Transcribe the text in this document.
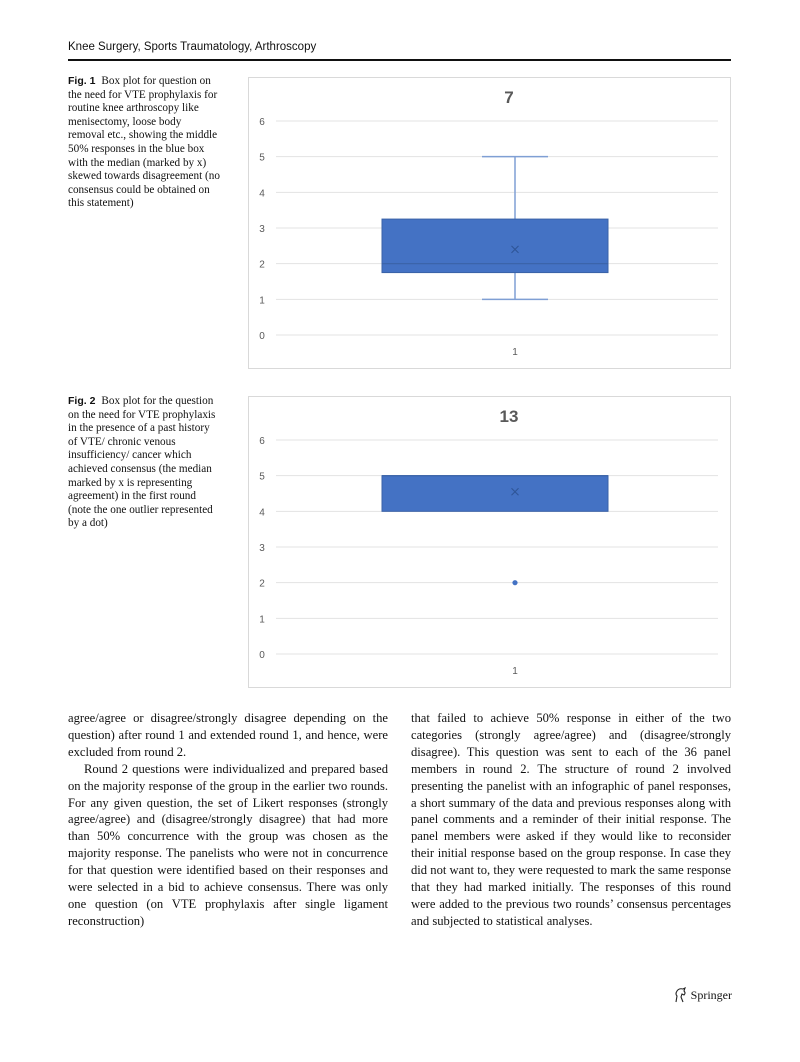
Knee Surgery, Sports Traumatology, Arthroscopy
Fig. 1 Box plot for question on the need for VTE prophylaxis for routine knee arthroscopy like menisectomy, loose body removal etc., showing the middle 50% responses in the blue box with the median (marked by x) skewed towards disagreement (no consensus could be obtained on this statement)
7
0
1
2
3
4
5
6
1
Fig. 2 Box plot for the question on the need for VTE prophylaxis in the presence of a past history of VTE/ chronic venous insufficiency/ cancer which achieved consensus (the median marked by x is representing agreement) in the first round (note the one outlier represented by a dot)
13
0
1
2
3
4
5
6
1

agree/agree or disagree/strongly disagree depending on the question) after round 1 and extended round 1, and hence, were excluded from round 2.

Round 2 questions were individualized and prepared based on the majority response of the group in the earlier two rounds. For any given question, the set of Likert responses (strongly agree/agree) and (disagree/strongly disagree) that had more than 50% concurrence with the group was chosen as the majority response. The panelists who were not in concurrence for that question were identified based on their responses and were selected in a bid to achieve consensus. There was only one question (on VTE prophylaxis after single ligament reconstruction)

that failed to achieve 50% response in either of the two categories (strongly agree/agree) and (disagree/strongly disagree). This question was sent to each of the 36 panel members in round 2. The structure of round 2 involved presenting the panelist with an infographic of panel responses, a short summary of the data and previous responses along with panel comments and a reminder of their initial response. The panel members were asked if they would like to reconsider their initial response based on the group response. In case they did not want to, they were requested to mark the same response that they had marked initially. The responses of this round were added to the previous two rounds’ consensus percentages and subjected to statistical analyses.

Springer
